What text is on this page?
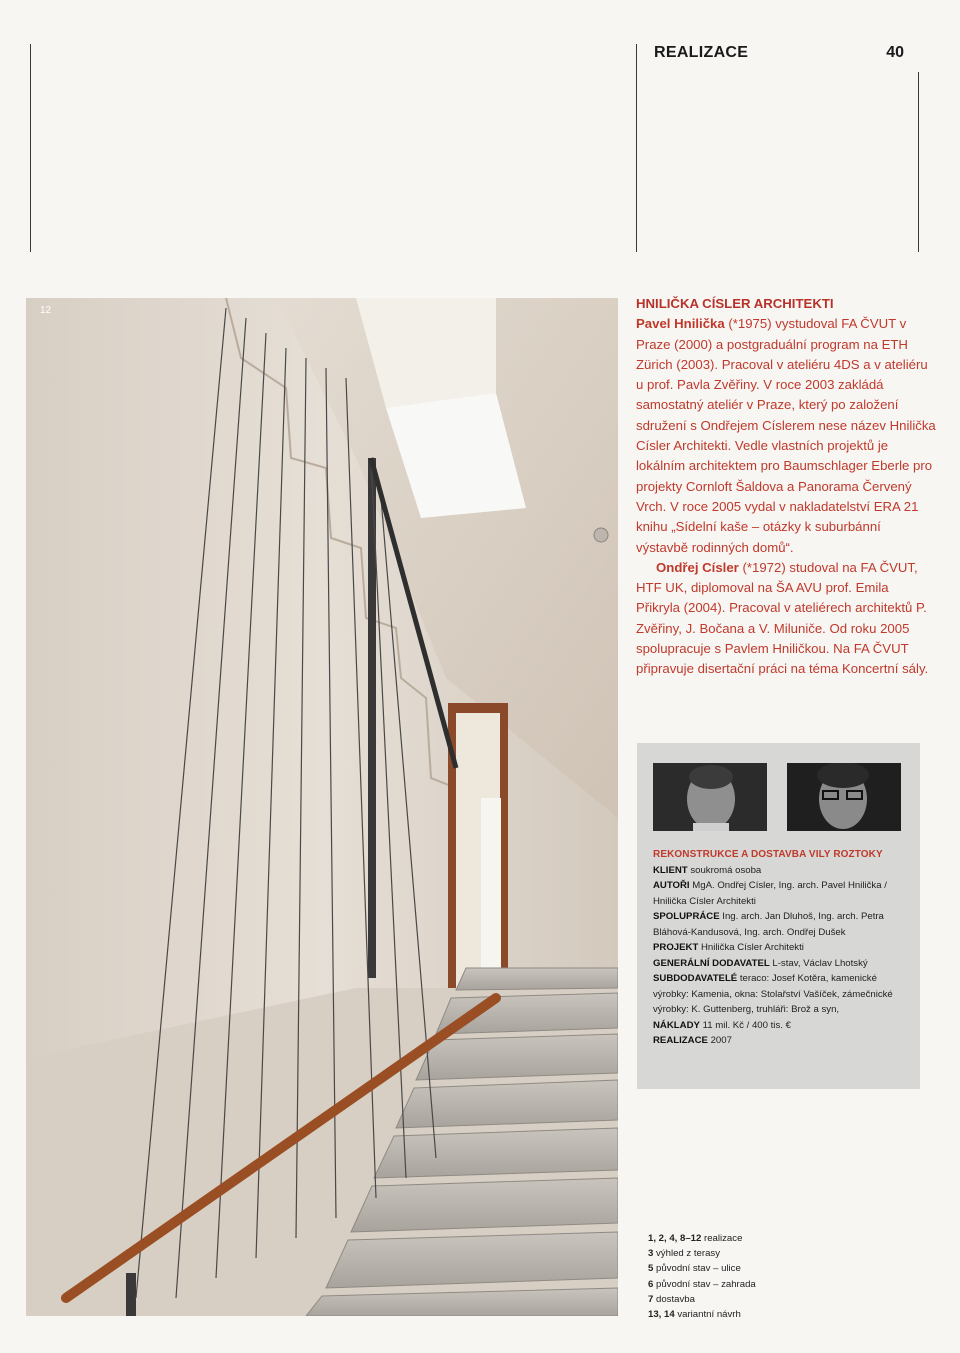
REALIZACE	40
12	HNILIČKA CÍSLER ARCHITEKTI

Pavel Hnilička (*1975) vystudoval FA ČVUT v Praze (2000) a postgraduální program na ETH Zürich (2003). Pracoval v ateliéru 4DS a v ateliéru u prof. Pavla Zvěřiny. V roce 2003 zakládá samostatný ateliér v Praze, který po založení sdružení s Ondřejem Císlerem nese název Hnilička Císler Architekti. Vedle vlastních projektů je lokálním architektem pro Baumschlager Eberle pro projekty Cornloft Šaldova a Panorama Červený Vrch. V roce 2005 vydal v nakladatelství ERA 21 knihu „Sídelní kaše – otázky k suburbánní výstavbě rodinných domů“.

Ondřej Císler (*1972) studoval na FA ČVUT, HTF UK, diplomoval na ŠA AVU prof. Emila Přikryla (2004). Pracoval v ateliérech architektů P. Zvěřiny, J. Bočana a V. Miluniče. Od roku 2005 spolupracuje s Pavlem Hniličkou. Na FA ČVUT připravuje disertační práci na téma Koncertní sály.

REKONSTRUKCE A DOSTAVBA VILY ROZTOKY

KLIENT soukromá osoba

AUTOŘI MgA. Ondřej Císler, Ing. arch. Pavel Hnilička / Hnilička Císler Architekti

SPOLUPRÁCE Ing. arch. Jan Dluhoš, Ing. arch. Petra Bláhová-Kandusová, Ing. arch. Ondřej Dušek

PROJEKT Hnilička Císler Architekti

GENERÁLNÍ DODAVATEL L-stav, Václav Lhotský

SUBDODAVATELÉ teraco: Josef Kotěra, kamenické výrobky: Kamenia, okna: Stolařství Vašíček, zámečnické výrobky: K. Guttenberg, truhláři: Brož a syn,

NÁKLADY 11 mil. Kč / 400 tis. €

REALIZACE 2007

1, 2, 4, 8–12 realizace

3 výhled z terasy

5 původní stav – ulice

6 původní stav – zahrada

7 dostavba

13, 14 variantní návrh
